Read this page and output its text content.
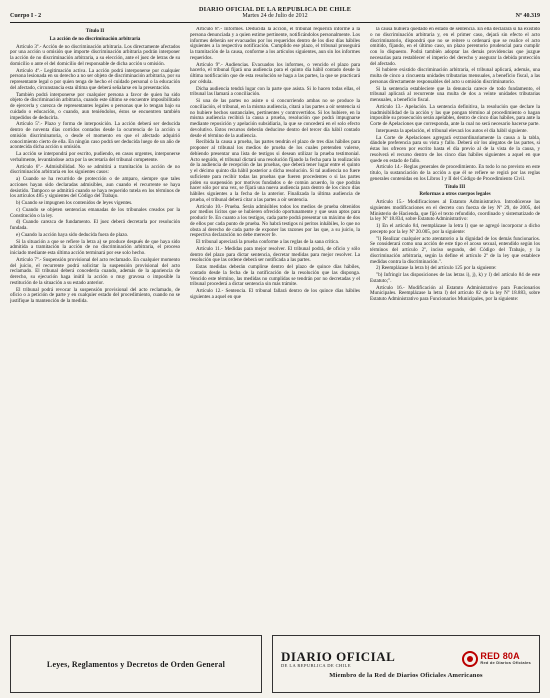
Cuerpo I - 2
DIARIO OFICIAL DE LA REPUBLICA DE CHILE
Martes 24 de Julio de 2012	Nº 40.319

Título II

La acción de no discriminación arbitraria

Artículo 3º.- Acción de no discriminación arbitraria. Los directamente afectados por una acción u omisión que importe discriminación arbitraria podrán interponer la acción de no discriminación arbitraria, a su elección, ante el juez de letras de su domicilio o ante el del domicilio del responsable de dicha acción u omisión.

Artículo 4º.- Legitimación activa. La acción podrá interponerse por cualquier persona lesionada en su derecho a no ser objeto de discriminación arbitraria, por su representante legal o por quien tenga de hecho el cuidado personal o la educación del afectado, circunstancia esta última que deberá señalarse en la presentación.

También podrá interponerse por cualquier persona a favor de quien ha sido objeto de discriminación arbitraria, cuando este último se encuentre imposibilitado de ejercerla y carezca de representantes legales o personas que lo tengan bajo su cuidado o educación, o cuando, aun teniéndolos, éstos se encuentren también impedidos de deducirla.

Artículo 5º.- Plazo y forma de interposición. La acción deberá ser deducida dentro de noventa días corridos contados desde la ocurrencia de la acción u omisión discriminatoria, o desde el momento en que el afectado adquirió conocimiento cierto de ella. En ningún caso podrá ser deducida luego de un año de acontecida dicha acción u omisión.

La acción se interpondrá por escrito, pudiendo, en casos urgentes, interponerse verbalmente, levantándose acta por la secretaría del tribunal competente.

Artículo 6º.- Admisibilidad. No se admitirá a tramitación la acción de no discriminación arbitraria en los siguientes casos:

a) Cuando se ha recurrido de protección o de amparo, siempre que tales acciones hayan sido declaradas admisibles, aun cuando el recurrente se haya desistido. Tampoco se admitirá cuando se haya requerido tutela en los términos de los artículos 485 y siguientes del Código del Trabajo.

b) Cuando se impugnen los contenidos de leyes vigentes.

c) Cuando se objeten sentencias emanadas de los tribunales creados por la Constitución o la ley.

d) Cuando carezca de fundamento. El juez deberá decretarla por resolución fundada.

e) Cuando la acción haya sido deducida fuera de plazo.

Si la situación a que se refiere la letra a) se produce después de que haya sido admitida a tramitación la acción de no discriminación arbitraria, el proceso iniciado mediante esta última acción terminará por ese solo hecho.

Artículo 7º.- Suspensión provisional del acto reclamado. En cualquier momento del juicio, el recurrente podrá solicitar la suspensión provisional del acto reclamado. El tribunal deberá concederla cuando, además de la apariencia de derecho, su ejecución haga inútil la acción o muy gravosa o imposible la restitución de la situación a su estado anterior.

El tribunal podrá revocar la suspensión provisional del acto reclamado, de oficio o a petición de parte y en cualquier estado del procedimiento, cuando no se justifique la mantención de la medida.

Artículo 8º.- Informes. Deducida la acción, el tribunal requerirá informe a la persona denunciada y a quien estime pertinente, notificándolos personalmente. Los informes deberán ser evacuados por los requeridos dentro de los diez días hábiles siguientes a la respectiva notificación. Cumplido ese plazo, el tribunal proseguirá la tramitación de la causa, conforme a los artículos siguientes, aun sin los informes requeridos.

Artículo 9º.- Audiencias. Evacuados los informes, o vencido el plazo para hacerlo, el tribunal fijará una audiencia para el quinto día hábil contado desde la última notificación que de esta resolución se haga a las partes, la que se practicará por cédula.

Dicha audiencia tendrá lugar con la parte que asista. Si lo hacen todas ellas, el tribunal las llamará a conciliación.

Si una de las partes no asiste o si concurriendo ambas no se produce la conciliación, el tribunal, en la misma audiencia, citará a las partes a oír sentencia si no hubiere hechos sustanciales, pertinentes y controvertidos. Si los hubiere, en la misma audiencia recibirá la causa a prueba, resolución que podrá impugnarse mediante reposición y apelación subsidiaria, la que se concederá en el solo efecto devolutivo. Estos recursos deberán deducirse dentro del tercer día hábil contado desde el término de la audiencia.

Recibida la causa a prueba, las partes tendrán el plazo de tres días hábiles para proponer al tribunal los medios de prueba de los cuales pretenden valerse, debiendo presentar una lista de testigos si desean utilizar la prueba testimonial. Acto seguido, el tribunal dictará una resolución fijando la fecha para la realización de la audiencia de recepción de las pruebas, que deberá tener lugar entre el quinto y el décimo quinto día hábil posterior a dicha resolución. Si tal audiencia no fuere suficiente para recibir todas las pruebas que fueren procedentes o si las partes piden su suspensión por motivos fundados o de común acuerdo, lo que podrán hacer sólo por una vez, se fijará una nueva audiencia para dentro de los cinco días hábiles siguientes a la fecha de la anterior. Finalizada la última audiencia de prueba, el tribunal deberá citar a las partes a oír sentencia.

Artículo 10.- Prueba. Serán admisibles todos los medios de prueba obtenidos por medios lícitos que se hubieren ofrecido oportunamente y que sean aptos para producir fe. En cuanto a los testigos, cada parte podrá presentar un máximo de dos de ellos por cada punto de prueba. No habrá testigos ni peritos inhábiles, lo que no obsta al derecho de cada parte de exponer las razones por las que, a su juicio, la respectiva declaración no debe merecer fe.

El tribunal apreciará la prueba conforme a las reglas de la sana crítica.

Artículo 11.- Medidas para mejor resolver. El tribunal podrá, de oficio y sólo dentro del plazo para dictar sentencia, decretar medidas para mejor resolver. La resolución que las ordene deberá ser notificada a las partes.

Estas medidas deberán cumplirse dentro del plazo de quince días hábiles, contado desde la fecha de la notificación de la resolución que las disponga. Vencido este término, las medidas no cumplidas se tendrán por no decretadas y el tribunal procederá a dictar sentencia sin más trámite.

Artículo 12.- Sentencia. El tribunal fallará dentro de los quince días hábiles siguientes a aquel en que

la causa hubiera quedado en estado de sentencia. En ella declarará si ha existido o no discriminación arbitraria y, en el primer caso, dejará sin efecto el acto discriminatorio, dispondrá que no se reitere u ordenará que se realice el acto omitido, fijando, en el último caso, un plazo perentorio prudencial para cumplir con lo dispuesto. Podrá también adoptar las demás providencias que juzgue necesarias para restablecer el imperio del derecho y asegurar la debida protección del afectado.

Si hubiere existido discriminación arbitraria, el tribunal aplicará, además, una multa de cinco a cincuenta unidades tributarias mensuales, a beneficio fiscal, a las personas directamente responsables del acto u omisión discriminatorio.

Si la sentencia estableciere que la denuncia carece de todo fundamento, el tribunal aplicará al recurrente una multa de dos a veinte unidades tributarias mensuales, a beneficio fiscal.

Artículo 13.- Apelación. La sentencia definitiva, la resolución que declare la inadmisibilidad de la acción y las que pongan término al procedimiento o hagan imposible su prosecución serán apelables, dentro de cinco días hábiles, para ante la Corte de Apelaciones que corresponda, ante la cual no será necesario hacerse parte.

Interpuesta la apelación, el tribunal elevará los autos el día hábil siguiente.

La Corte de Apelaciones agregará extraordinariamente la causa a la tabla, dándole preferencia para su vista y fallo. Deberá oír los alegatos de las partes, si éstas los ofrecen por escrito hasta el día previo al de la vista de la causa, y resolverá el recurso dentro de los cinco días hábiles siguientes a aquel en que quede en estado de fallo.

Artículo 14.- Reglas generales de procedimiento. En todo lo no previsto en este título, la sustanciación de la acción a que él se refiere se regirá por las reglas generales contenidas en los Libros I y II del Código de Procedimiento Civil.

Título III

Reformas a otros cuerpos legales

Artículo 15.- Modificaciones al Estatuto Administrativo. Introdúcense las siguientes modificaciones en el decreto con fuerza de ley Nº 29, de 2005, del Ministerio de Hacienda, que fijó el texto refundido, coordinado y sistematizado de la ley Nº 18.834, sobre Estatuto Administrativo:

1) En el artículo 84, reemplázase la letra l) que se agregó incorporar a dicho precepto por la ley Nº 20.005, por la siguiente:

"l) Realizar cualquier acto atentatorio a la dignidad de los demás funcionarios. Se considerará como una acción de este tipo el acoso sexual, entendido según los términos del artículo 2º, inciso segundo, del Código del Trabajo, y la discriminación arbitraria, según la define el artículo 2º de la ley que establece medidas contra la discriminación.".

2) Reemplázase la letra b) del artículo 125 por la siguiente:

"b) Infringir las disposiciones de las letras i), j), k) y l) del artículo 84 de este Estatuto;".

Artículo 16.- Modificación al Estatuto Administrativo para Funcionarios Municipales. Reemplázase la letra l) del artículo 82 de la ley Nº 18.883, sobre Estatuto Administrativo para Funcionarios Municipales, por la siguiente:

Leyes, Reglamentos y Decretos de Orden General
DIARIO OFICIAL
DE LA REPUBLICA DE CHILE
RED 80A
Red de Diarios Oficiales
Miembro de la Red de Diarios Oficiales Americanos
